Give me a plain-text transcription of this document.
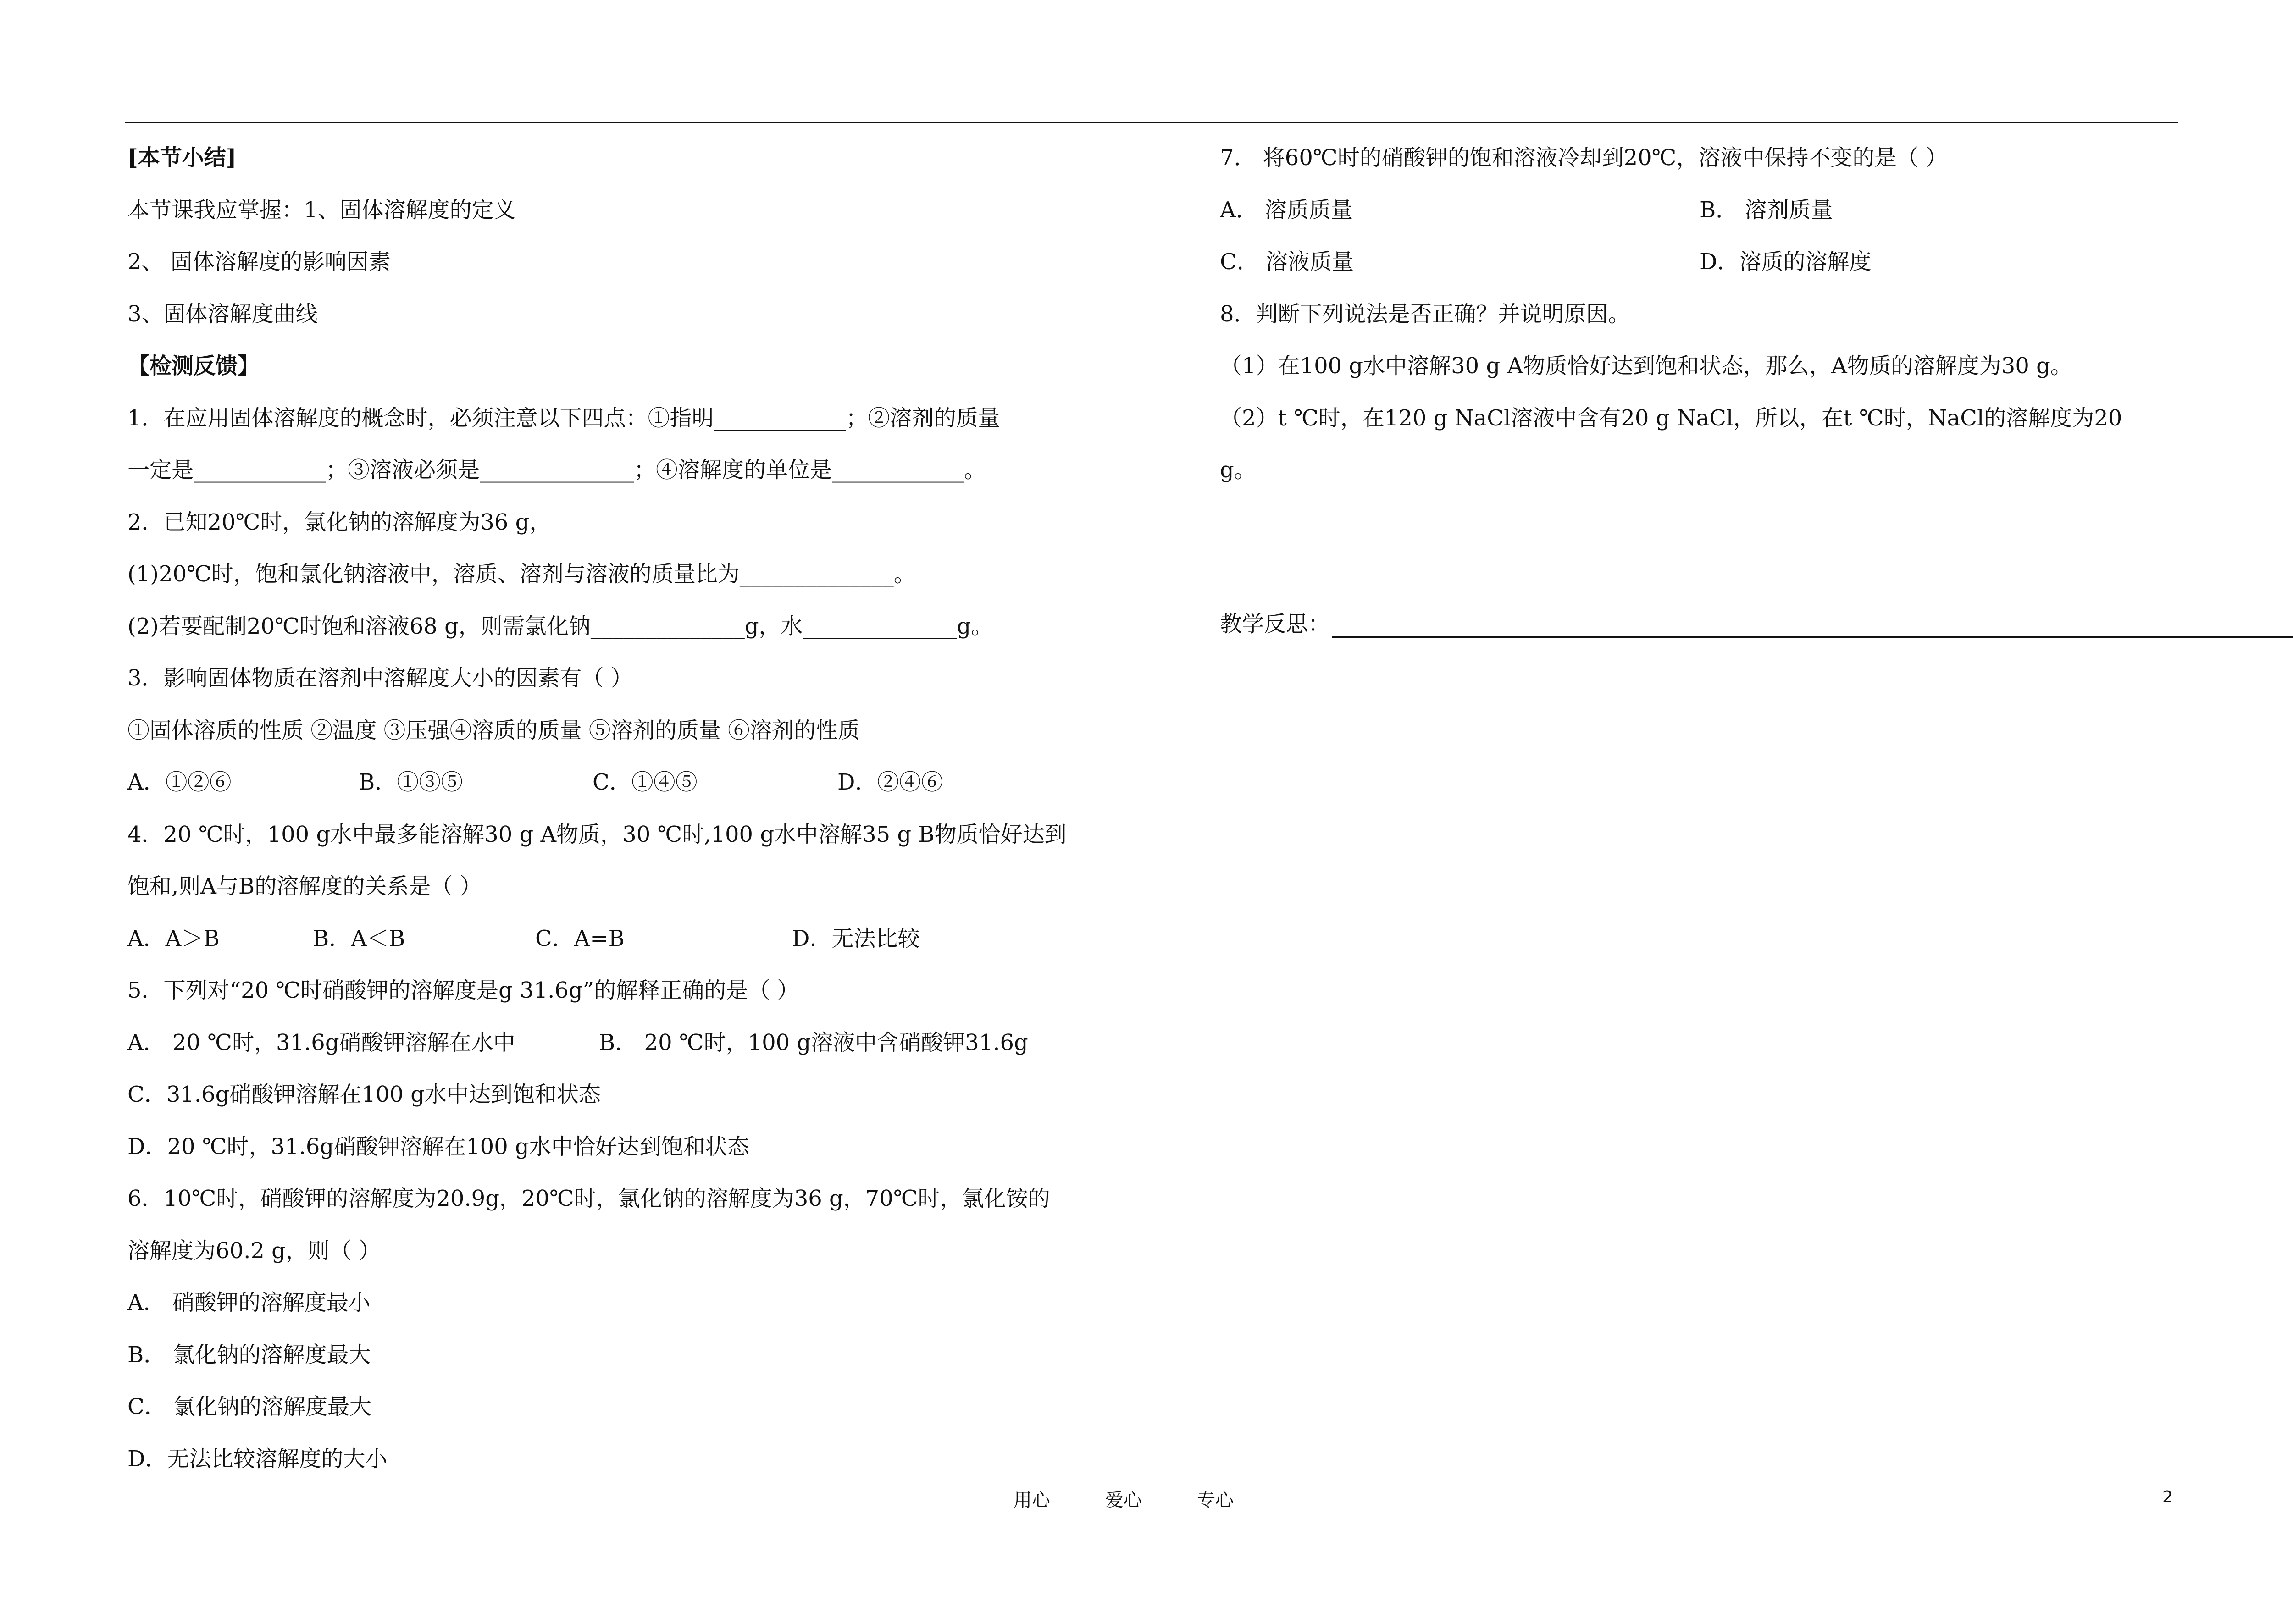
[本节小结]
本节课我应掌握：1、固体溶解度的定义
2、 固体溶解度的影响因素
3、固体溶解度曲线
【检测反馈】
1．在应用固体溶解度的概念时，必须注意以下四点：①指明____________；②溶剂的质量
一定是____________；③溶液必须是______________；④溶解度的单位是____________。
2．已知20℃时，氯化钠的溶解度为36 g，
(1)20℃时，饱和氯化钠溶液中，溶质、溶剂与溶液的质量比为______________。
(2)若要配制20℃时饱和溶液68 g，则需氯化钠______________g，水______________g。
3．影响固体物质在溶剂中溶解度大小的因素有（ ）
①固体溶质的性质 ②温度 ③压强④溶质的质量 ⑤溶剂的质量 ⑥溶剂的性质
A．①②⑥	B．①③⑤	C．①④⑤	D．②④⑥
4．20 ℃时，100 g水中最多能溶解30 g A物质，30 ℃时,100 g水中溶解35 g B物质恰好达到
饱和,则A与B的溶解度的关系是（ ）
A．A＞B	B．A＜B	C．A=B	D．无法比较
5．下列对“20 ℃时硝酸钾的溶解度是g 31.6g”的解释正确的是（ ）
A． 20 ℃时，31.6g硝酸钾溶解在水中	B． 20 ℃时，100 g溶液中含硝酸钾31.6g
C．31.6g硝酸钾溶解在100 g水中达到饱和状态
D．20 ℃时，31.6g硝酸钾溶解在100 g水中恰好达到饱和状态
6．10℃时，硝酸钾的溶解度为20.9g，20℃时，氯化钠的溶解度为36 g，70℃时，氯化铵的
溶解度为60.2 g，则（ ）
A． 硝酸钾的溶解度最小
B． 氯化钠的溶解度最大
C． 氯化钠的溶解度最大
D．无法比较溶解度的大小
7． 将60℃时的硝酸钾的饱和溶液冷却到20℃，溶液中保持不变的是（ ）
A． 溶质质量	B． 溶剂质量
C． 溶液质量	D．溶质的溶解度
8．判断下列说法是否正确？并说明原因。
（1）在100 g水中溶解30 g A物质恰好达到饱和状态，那么，A物质的溶解度为30 g。
（2）t ℃时，在120 g NaCl溶液中含有20 g NaCl，所以，在t ℃时，NaCl的溶解度为20
g。
教学反思：
用心	爱心	专心	2
